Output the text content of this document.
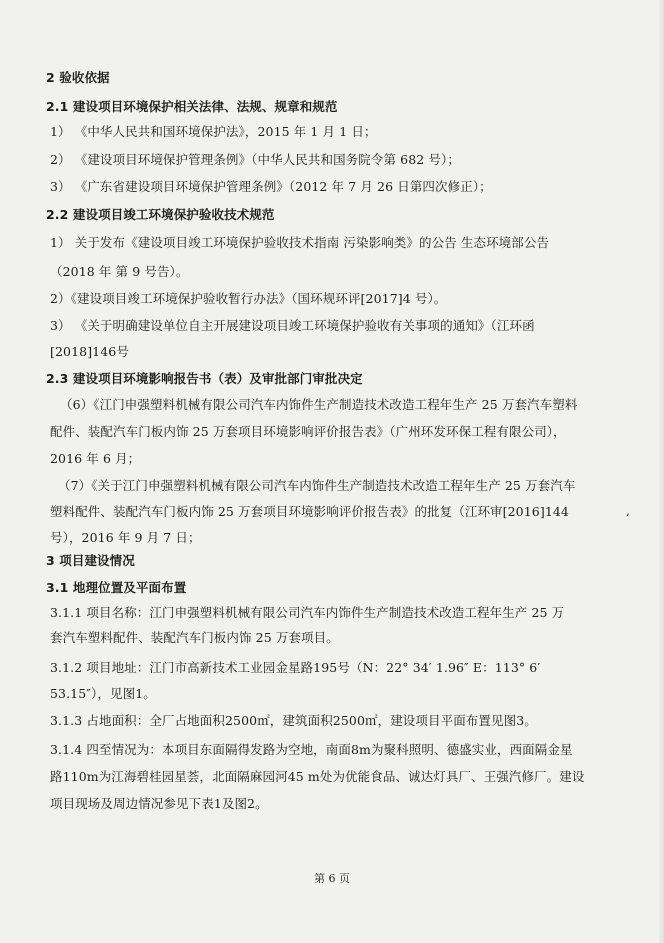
2 验收依据
2.1 建设项目环境保护相关法律、法规、规章和规范
1） 《中华人民共和国环境保护法》，2015 年 1 月 1 日；
2） 《建设项目环境保护管理条例》（中华人民共和国务院令第 682 号）；
3） 《广东省建设项目环境保护管理条例》（2012 年 7 月 26 日第四次修正）；
2.2 建设项目竣工环境保护验收技术规范
1） 关于发布《建设项目竣工环境保护验收技术指南 污染影响类》的公告 生态环境部公告
（2018 年 第 9 号告）。
2）《建设项目竣工环境保护验收暂行办法》（国环规环评[2017]4 号）。
3） 《关于明确建设单位自主开展建设项目竣工环境保护验收有关事项的通知》（江环函
[2018]146号
2.3 建设项目环境影响报告书（表）及审批部门审批决定
（6）《江门申强塑料机械有限公司汽车内饰件生产制造技术改造工程年生产 25 万套汽车塑料
配件、装配汽车门板内饰 25 万套项目环境影响评价报告表》（广州环发环保工程有限公司），
2016 年 6 月；
（7）《关于江门申强塑料机械有限公司汽车内饰件生产制造技术改造工程年生产 25 万套汽车
塑料配件、装配汽车门板内饰 25 万套项目环境影响评价报告表》的批复（江环审[2016]144
号），2016 年 9 月 7 日；
3 项目建设情况
3.1 地理位置及平面布置
3.1.1 项目名称：江门申强塑料机械有限公司汽车内饰件生产制造技术改造工程年生产 25 万
套汽车塑料配件、装配汽车门板内饰 25 万套项目。
3.1.2 项目地址：江门市高新技术工业园金星路195号（N：22° 34′ 1.96″ E：113° 6′
53.15″），见图1。
3.1.3 占地面积：全厂占地面积2500㎡，建筑面积2500㎡，建设项目平面布置见图3。
3.1.4 四至情况为：本项目东面隔得发路为空地，南面8m为聚科照明、德盛实业，西面隔金星
路110m为江海碧桂园星荟，北面隔麻园河45 m处为优能食品、诚达灯具厂、王强汽修厂。建设
项目现场及周边情况参见下表1及图2。
,
第 6 页
